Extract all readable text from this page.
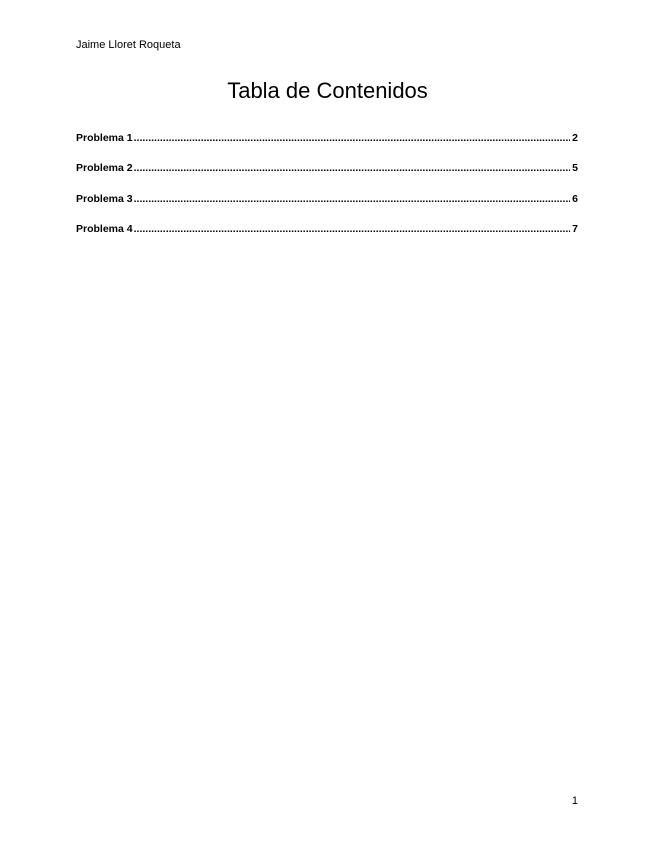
Jaime Lloret Roqueta
Tabla de Contenidos
Problema 1 .....	2
Problema 2 .....	5
Problema 3 .....	6
Problema 4 .....	7
1
